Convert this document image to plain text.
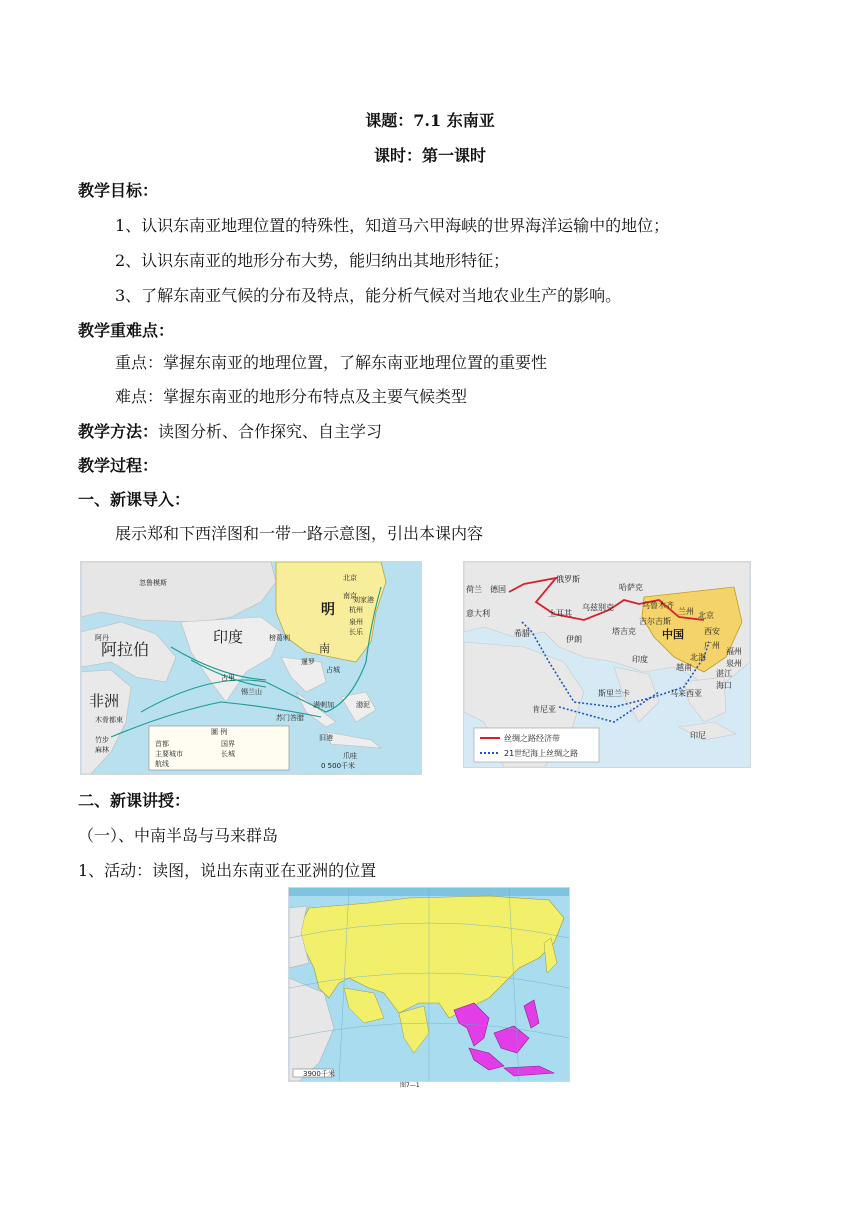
课题：7.1 东南亚
课时：第一课时
教学目标：
1、认识东南亚地理位置的特殊性，知道马六甲海峡的世界海洋运输中的地位；
2、认识东南亚的地形分布大势，能归纳出其地形特征；
3、了解东南亚气候的分布及特点，能分析气候对当地农业生产的影响。
教学重难点：
重点：掌握东南亚的地理位置，了解东南亚地理位置的重要性
难点：掌握东南亚的地形分布特点及主要气候类型
教学方法：读图分析、合作探究、自主学习
教学过程：
一、新课导入：
展示郑和下西洋图和一带一路示意图，引出本课内容
明
阿拉伯
印度
非洲
北京
刘家港
南京
杭州
泉州
长乐
南
忽鲁模斯
阿丹
木骨都束
竹步
麻林
古里
锡兰山
榜葛剌
暹罗
占城
苏门答腊
满剌加
旧港
爪哇
渤泥
圖 例
首都
主要城市
航线
国界
长城
0 500千米
荷兰 德国
俄罗斯
意大利	土耳其
乌兹别克
哈萨克
乌鲁木齐
兰州 北京
希腊
伊朗
塔吉克
吉尔吉斯
中国	西安
广州
福州
泉州
北海
湛江
海口
越南
印度
斯里兰卡
肯尼亚
马来西亚
印尼
丝绸之路经济带
21世纪海上丝绸之路
二、新课讲授：
（一）、中南半岛与马来群岛
1、活动：读图，说出东南亚在亚洲的位置
3900千米
图7—1
